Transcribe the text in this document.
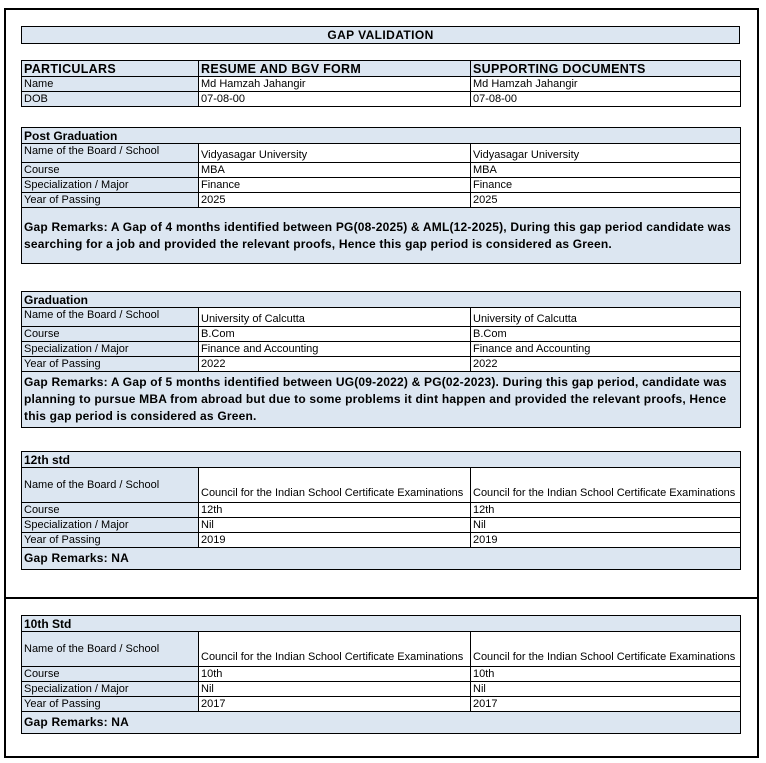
GAP VALIDATION
PARTICULARS	RESUME AND BGV FORM	SUPPORTING DOCUMENTS
Name	Md Hamzah Jahangir	Md Hamzah Jahangir
DOB	07-08-00	07-08-00
Post Graduation		
Name of the Board / School	Vidyasagar University	Vidyasagar University
Course	MBA	MBA
Specialization / Major	Finance	Finance
Year of Passing	2025	2025
Gap Remarks: A Gap of 4 months identified between PG(08-2025) & AML(12-2025), During this gap period candidate was searching for a job and provided the relevant proofs, Hence this gap period is considered as Green.		
Graduation		
Name of the Board / School	University of Calcutta	University of Calcutta
Course	B.Com	B.Com
Specialization / Major	Finance and Accounting	Finance and Accounting
Year of Passing	2022	2022
Gap Remarks: A Gap of 5 months identified between UG(09-2022) & PG(02-2023). During this gap period, candidate was planning to pursue MBA from abroad but due to some problems it dint happen and provided the relevant proofs, Hence this gap period is considered as Green.		
12th std		
Name of the Board / School	Council for the Indian School Certificate Examinations	Council for the Indian School Certificate Examinations
Course	12th	12th
Specialization / Major	Nil	Nil
Year of Passing	2019	2019
Gap Remarks: NA		
10th Std		
Name of the Board / School	Council for the Indian School Certificate Examinations	Council for the Indian School Certificate Examinations
Course	10th	10th
Specialization / Major	Nil	Nil
Year of Passing	2017	2017
Gap Remarks: NA		
